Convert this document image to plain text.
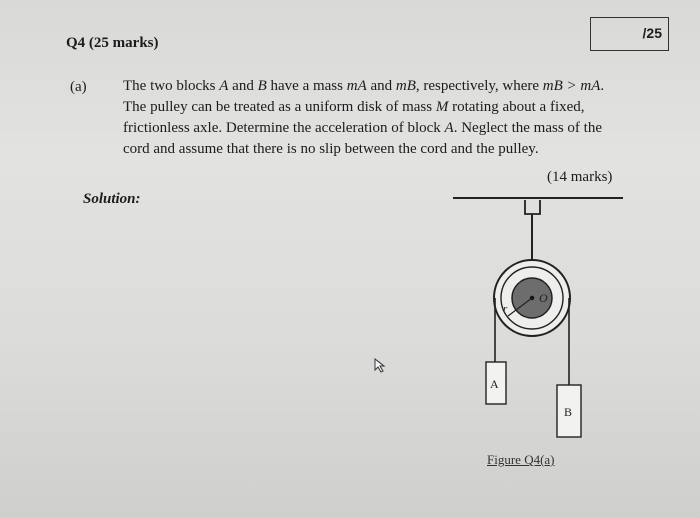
/25
Q4 (25 marks)
(a) The two blocks A and B have a mass mA and mB, respectively, where mB > mA. The pulley can be treated as a uniform disk of mass M rotating about a fixed, frictionless axle. Determine the acceleration of block A. Neglect the mass of the cord and assume that there is no slip between the cord and the pulley.

(14 marks)
Solution:
r
O
A
B
Figure Q4(a)
